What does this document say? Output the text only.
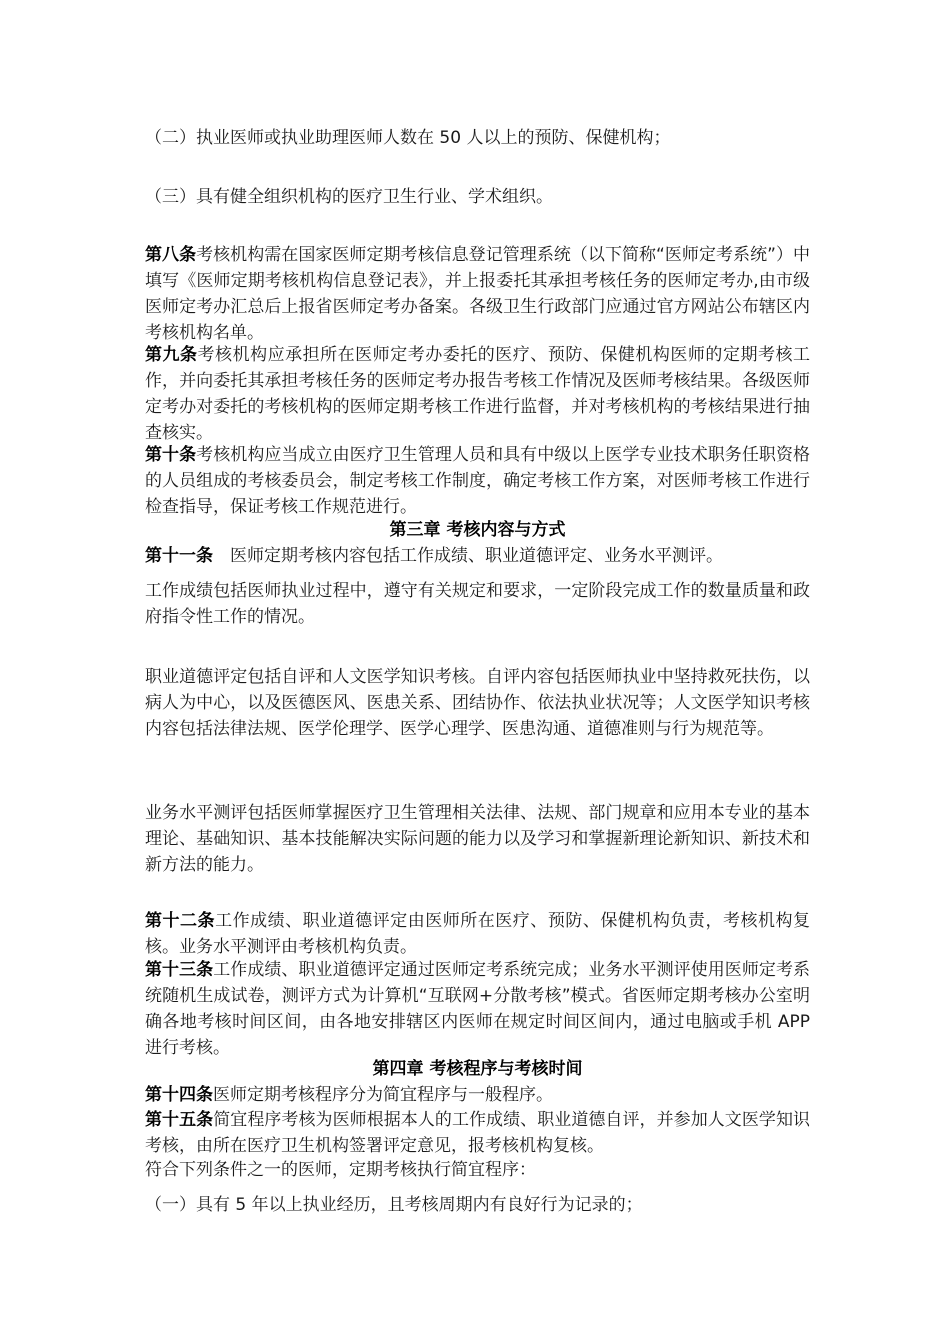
（二）执业医师或执业助理医师人数在 50 人以上的预防、保健机构；

（三）具有健全组织机构的医疗卫生行业、学术组织。

第八条考核机构需在国家医师定期考核信息登记管理系统（以下简称“医师定考系统”）中填写《医师定期考核机构信息登记表》，并上报委托其承担考核任务的医师定考办,由市级医师定考办汇总后上报省医师定考办备案。各级卫生行政部门应通过官方网站公布辖区内考核机构名单。

第九条考核机构应承担所在医师定考办委托的医疗、预防、保健机构医师的定期考核工作，并向委托其承担考核任务的医师定考办报告考核工作情况及医师考核结果。各级医师定考办对委托的考核机构的医师定期考核工作进行监督，并对考核机构的考核结果进行抽查核实。

第十条考核机构应当成立由医疗卫生管理人员和具有中级以上医学专业技术职务任职资格的人员组成的考核委员会，制定考核工作制度，确定考核工作方案，对医师考核工作进行检查指导，保证考核工作规范进行。

第三章 考核内容与方式

第十一条　医师定期考核内容包括工作成绩、职业道德评定、业务水平测评。

工作成绩包括医师执业过程中，遵守有关规定和要求，一定阶段完成工作的数量质量和政府指令性工作的情况。

职业道德评定包括自评和人文医学知识考核。自评内容包括医师执业中坚持救死扶伤，以病人为中心，以及医德医风、医患关系、团结协作、依法执业状况等；人文医学知识考核内容包括法律法规、医学伦理学、医学心理学、医患沟通、道德准则与行为规范等。

业务水平测评包括医师掌握医疗卫生管理相关法律、法规、部门规章和应用本专业的基本理论、基础知识、基本技能解决实际问题的能力以及学习和掌握新理论新知识、新技术和新方法的能力。

第十二条工作成绩、职业道德评定由医师所在医疗、预防、保健机构负责，考核机构复核。业务水平测评由考核机构负责。

第十三条工作成绩、职业道德评定通过医师定考系统完成；业务水平测评使用医师定考系统随机生成试卷，测评方式为计算机“互联网+分散考核”模式。省医师定期考核办公室明确各地考核时间区间，由各地安排辖区内医师在规定时间区间内，通过电脑或手机 APP 进行考核。

第四章 考核程序与考核时间

第十四条医师定期考核程序分为简宜程序与一般程序。

第十五条简宜程序考核为医师根据本人的工作成绩、职业道德自评，并参加人文医学知识考核，由所在医疗卫生机构签署评定意见，报考核机构复核。

符合下列条件之一的医师，定期考核执行简宜程序：

（一）具有 5 年以上执业经历，且考核周期内有良好行为记录的；
